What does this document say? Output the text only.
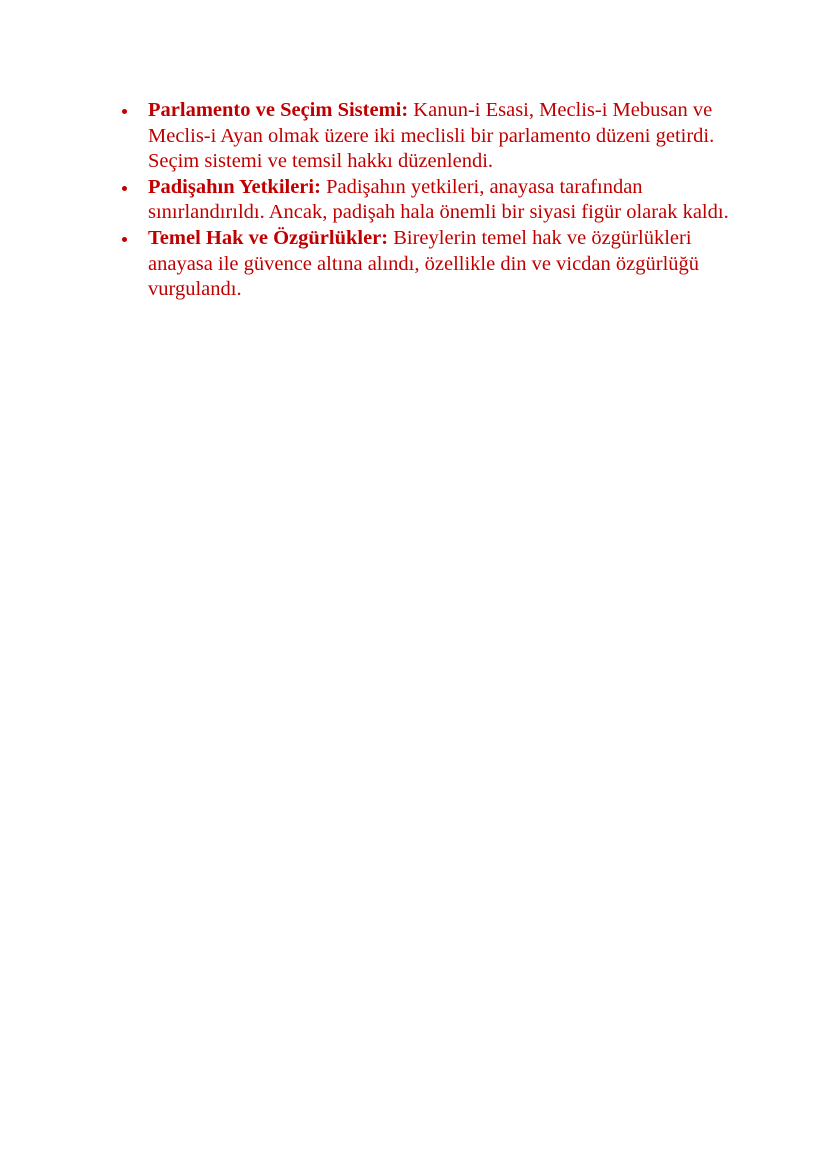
Parlamento ve Seçim Sistemi: Kanun-i Esasi, Meclis-i Mebusan ve Meclis-i Ayan olmak üzere iki meclisli bir parlamento düzeni getirdi. Seçim sistemi ve temsil hakkı düzenlendi.
Padişahın Yetkileri: Padişahın yetkileri, anayasa tarafından sınırlandırıldı. Ancak, padişah hala önemli bir siyasi figür olarak kaldı.
Temel Hak ve Özgürlükler: Bireylerin temel hak ve özgürlükleri anayasa ile güvence altına alındı, özellikle din ve vicdan özgürlüğü vurgulandı.
